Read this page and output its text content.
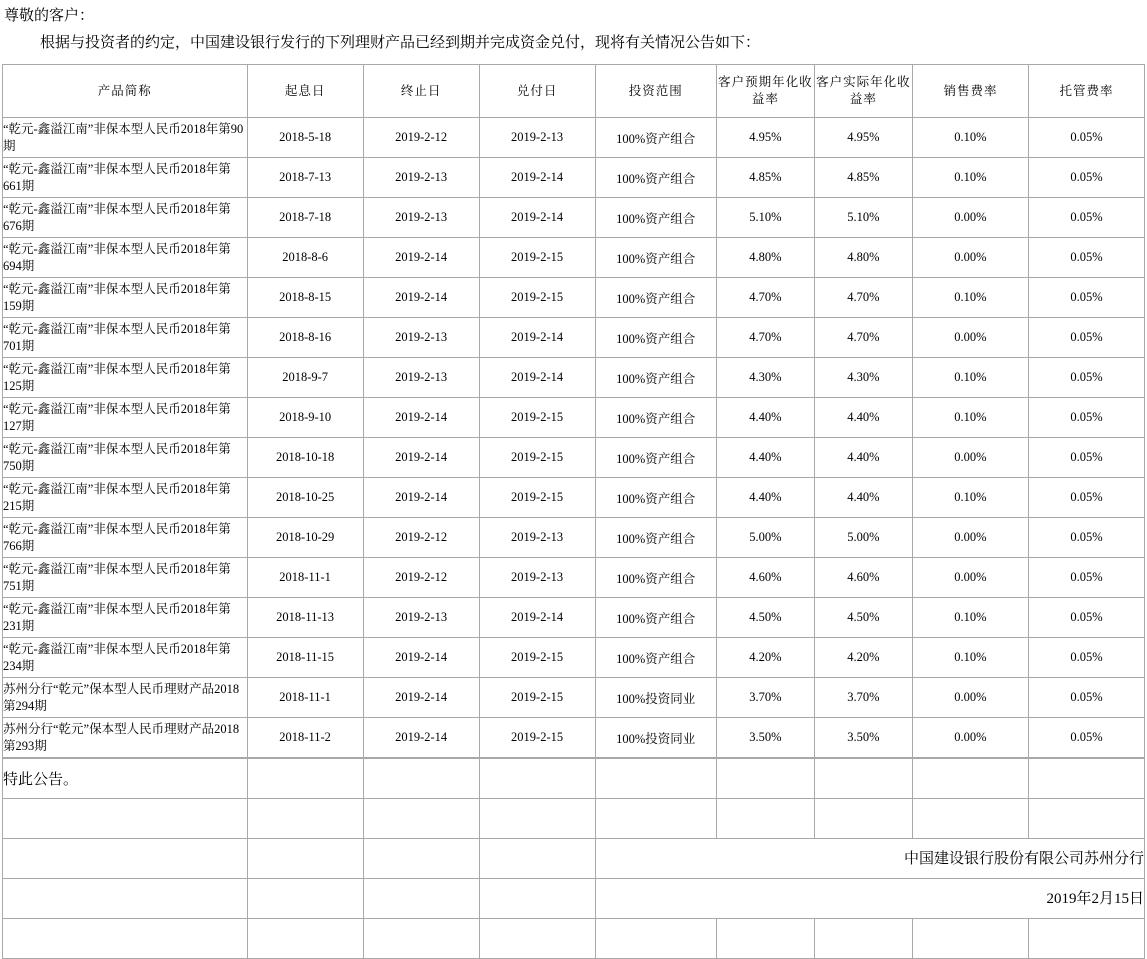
尊敬的客户：
根据与投资者的约定，中国建设银行发行的下列理财产品已经到期并完成资金兑付，现将有关情况公告如下：
产品简称	起息日	终止日	兑付日	投资范围	客户预期年化收益率	客户实际年化收益率	销售费率	托管费率
“乾元-鑫溢江南”非保本型人民币2018年第90期	2018-5-18	2019-2-12	2019-2-13	100%资产组合	4.95%	4.95%	0.10%	0.05%
“乾元-鑫溢江南”非保本型人民币2018年第661期	2018-7-13	2019-2-13	2019-2-14	100%资产组合	4.85%	4.85%	0.10%	0.05%
“乾元-鑫溢江南”非保本型人民币2018年第676期	2018-7-18	2019-2-13	2019-2-14	100%资产组合	5.10%	5.10%	0.00%	0.05%
“乾元-鑫溢江南”非保本型人民币2018年第694期	2018-8-6	2019-2-14	2019-2-15	100%资产组合	4.80%	4.80%	0.00%	0.05%
“乾元-鑫溢江南”非保本型人民币2018年第159期	2018-8-15	2019-2-14	2019-2-15	100%资产组合	4.70%	4.70%	0.10%	0.05%
“乾元-鑫溢江南”非保本型人民币2018年第701期	2018-8-16	2019-2-13	2019-2-14	100%资产组合	4.70%	4.70%	0.00%	0.05%
“乾元-鑫溢江南”非保本型人民币2018年第125期	2018-9-7	2019-2-13	2019-2-14	100%资产组合	4.30%	4.30%	0.10%	0.05%
“乾元-鑫溢江南”非保本型人民币2018年第127期	2018-9-10	2019-2-14	2019-2-15	100%资产组合	4.40%	4.40%	0.10%	0.05%
“乾元-鑫溢江南”非保本型人民币2018年第750期	2018-10-18	2019-2-14	2019-2-15	100%资产组合	4.40%	4.40%	0.00%	0.05%
“乾元-鑫溢江南”非保本型人民币2018年第215期	2018-10-25	2019-2-14	2019-2-15	100%资产组合	4.40%	4.40%	0.10%	0.05%
“乾元-鑫溢江南”非保本型人民币2018年第766期	2018-10-29	2019-2-12	2019-2-13	100%资产组合	5.00%	5.00%	0.00%	0.05%
“乾元-鑫溢江南”非保本型人民币2018年第751期	2018-11-1	2019-2-12	2019-2-13	100%资产组合	4.60%	4.60%	0.00%	0.05%
“乾元-鑫溢江南”非保本型人民币2018年第231期	2018-11-13	2019-2-13	2019-2-14	100%资产组合	4.50%	4.50%	0.10%	0.05%
“乾元-鑫溢江南”非保本型人民币2018年第234期	2018-11-15	2019-2-14	2019-2-15	100%资产组合	4.20%	4.20%	0.10%	0.05%
苏州分行“乾元”保本型人民币理财产品2018第294期	2018-11-1	2019-2-14	2019-2-15	100%投资同业	3.70%	3.70%	0.00%	0.05%
苏州分行“乾元”保本型人民币理财产品2018第293期	2018-11-2	2019-2-14	2019-2-15	100%投资同业	3.50%	3.50%	0.00%	0.05%
特此公告。								

				中国建设银行股份有限公司苏州分行				
				2019年2月15日				
